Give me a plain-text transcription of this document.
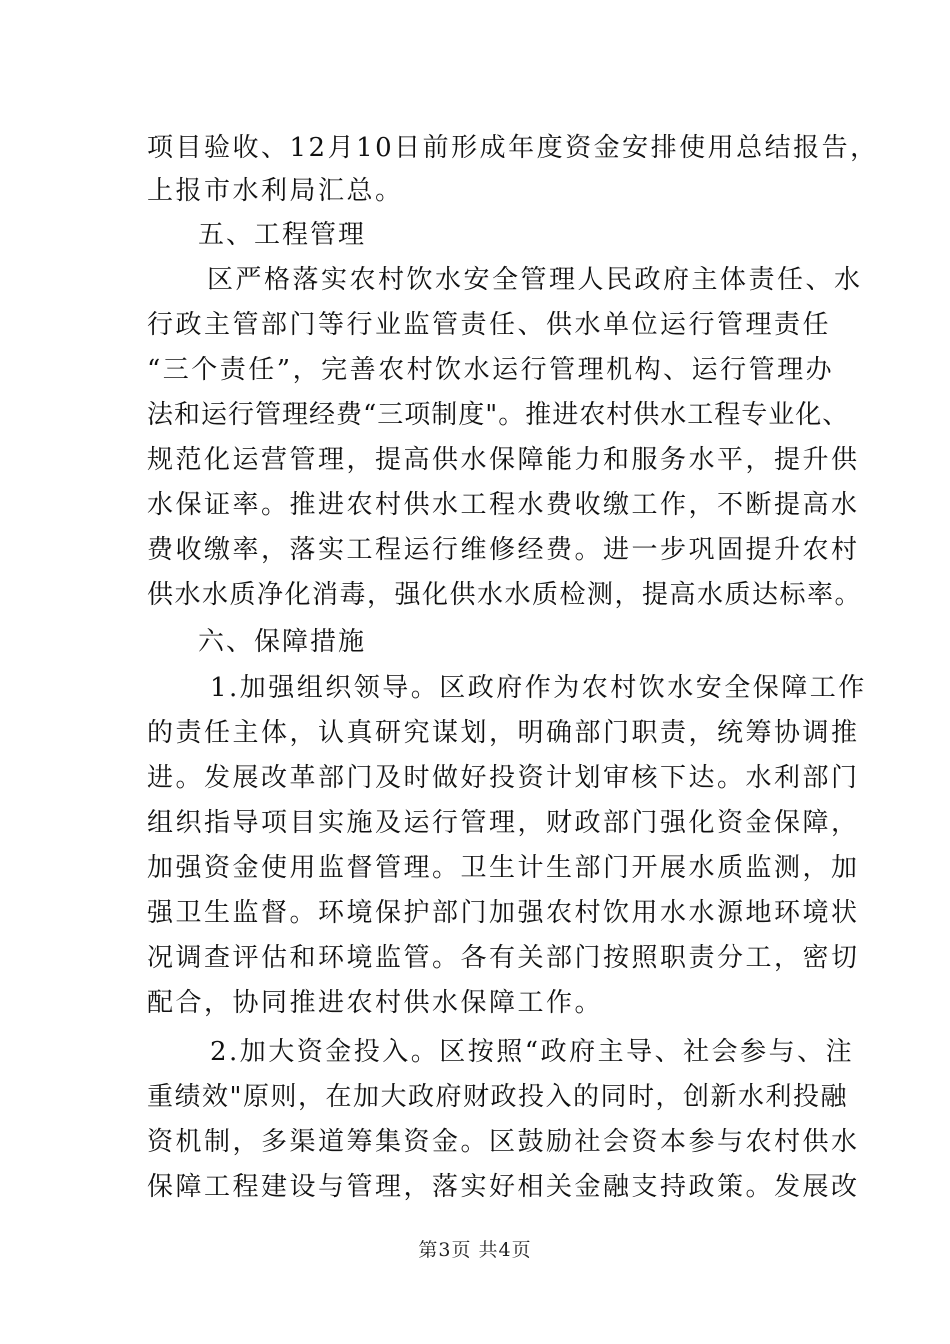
项目验收、12月10日前形成年度资金安排使用总结报告，
上报市水利局汇总。
五、工程管理
区严格落实农村饮水安全管理人民政府主体责任、水
行政主管部门等行业监管责任、供水单位运行管理责任
“三个责任”，完善农村饮水运行管理机构、运行管理办
法和运行管理经费“三项制度"。推进农村供水工程专业化、
规范化运营管理，提高供水保障能力和服务水平，提升供
水保证率。推进农村供水工程水费收缴工作，不断提高水
费收缴率，落实工程运行维修经费。进一步巩固提升农村
供水水质净化消毒，强化供水水质检测，提高水质达标率。
六、保障措施
1.加强组织领导。区政府作为农村饮水安全保障工作
的责任主体，认真研究谋划，明确部门职责，统筹协调推
进。发展改革部门及时做好投资计划审核下达。水利部门
组织指导项目实施及运行管理，财政部门强化资金保障，
加强资金使用监督管理。卫生计生部门开展水质监测，加
强卫生监督。环境保护部门加强农村饮用水水源地环境状
况调查评估和环境监管。各有关部门按照职责分工，密切
配合，协同推进农村供水保障工作。
2.加大资金投入。区按照“政府主导、社会参与、注
重绩效"原则，在加大政府财政投入的同时，创新水利投融
资机制，多渠道筹集资金。区鼓励社会资本参与农村供水
保障工程建设与管理，落实好相关金融支持政策。发展改
第3页 共4页
